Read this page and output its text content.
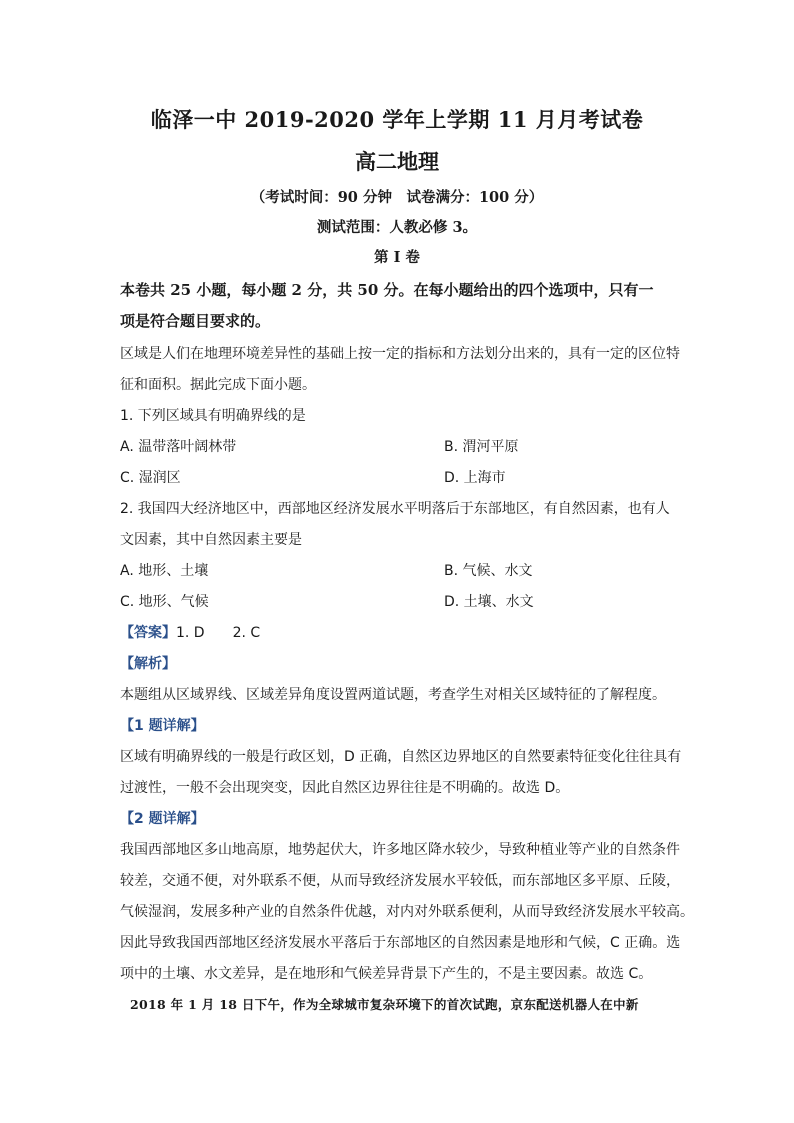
临泽一中 2019-2020 学年上学期 11 月月考试卷
高二地理
（考试时间：90 分钟　试卷满分：100 分）
测试范围：人教必修 3。
第 I 卷
本卷共 25 小题，每小题 2 分，共 50 分。在每小题给出的四个选项中，只有一
项是符合题目要求的。
区域是人们在地理环境差异性的基础上按一定的指标和方法划分出来的，具有一定的区位特
征和面积。据此完成下面小题。
1. 下列区域具有明确界线的是
A. 温带落叶阔林带	B. 渭河平原
C. 湿润区	D. 上海市
2. 我国四大经济地区中，西部地区经济发展水平明落后于东部地区，有自然因素，也有人
文因素，其中自然因素主要是
A. 地形、土壤	B. 气候、水文
C. 地形、气候	D. 土壤、水文
【答案】1. D　　2. C
【解析】
本题组从区域界线、区域差异角度设置两道试题，考查学生对相关区域特征的了解程度。
【1 题详解】
区域有明确界线的一般是行政区划，D 正确，自然区边界地区的自然要素特征变化往往具有
过渡性，一般不会出现突变，因此自然区边界往往是不明确的。故选 D。
【2 题详解】
我国西部地区多山地高原，地势起伏大，许多地区降水较少，导致种植业等产业的自然条件
较差，交通不便，对外联系不便，从而导致经济发展水平较低，而东部地区多平原、丘陵，
气候湿润，发展多种产业的自然条件优越，对内对外联系便利，从而导致经济发展水平较高。
因此导致我国西部地区经济发展水平落后于东部地区的自然因素是地形和气候，C 正确。选
项中的土壤、水文差异，是在地形和气候差异背景下产生的，不是主要因素。故选 C。
2018 年 1 月 18 日下午，作为全球城市复杂环境下的首次试跑，京东配送机器人在中新
